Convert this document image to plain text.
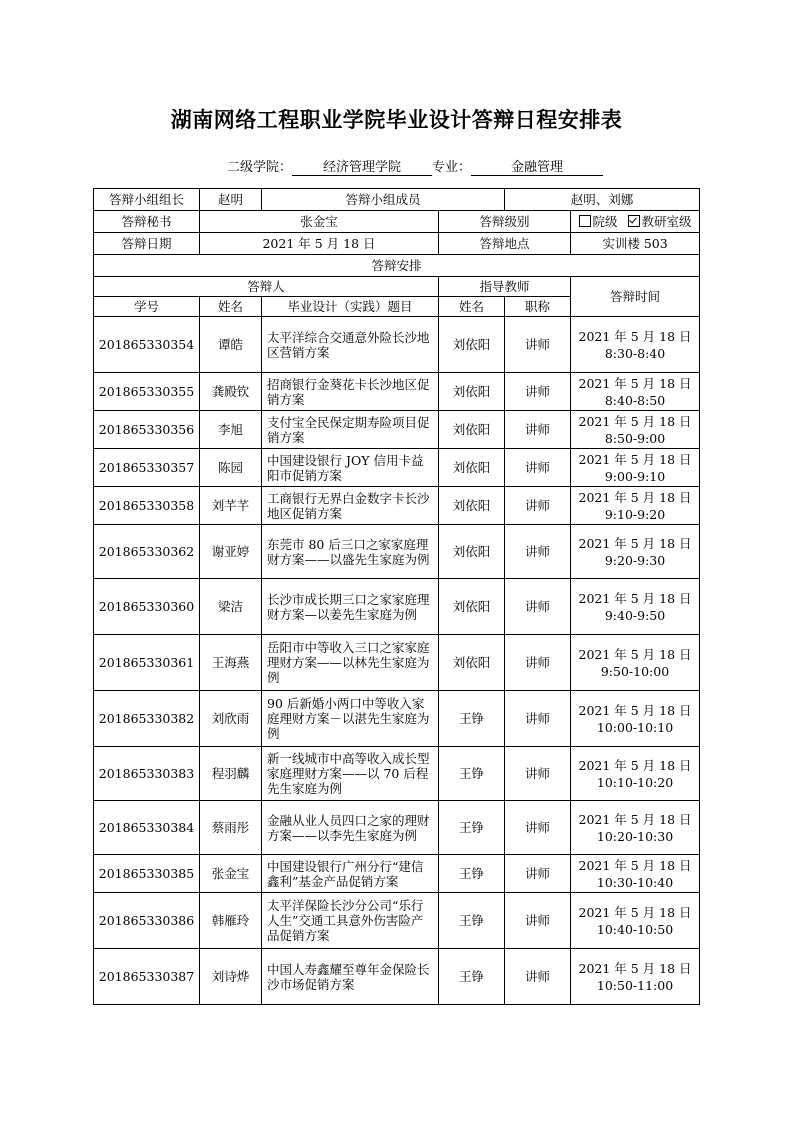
湖南网络工程职业学院毕业设计答辩日程安排表
二级学院： 经济管理学院 专业：	金融管理
答辩小组组长	赵明	答辩小组成员		赵明、刘娜	
答辩秘书	张金宝		答辩级别		院级 教研室级
答辩日期	2021 年 5 月 18 日		答辩地点		实训楼 503
答辩安排					
答辩人			指导教师		答辩时间
学号	姓名	毕业设计（实践）题目	姓名	职称	
201865330354	谭皓	太平洋综合交通意外险长沙地区营销方案	刘依阳	讲师	2021 年 5 月 18 日
8:30-8:40

201865330355	龚殿钦	招商银行金葵花卡长沙地区促销方案	刘依阳	讲师	2021 年 5 月 18 日
8:40-8:50

201865330356	李旭	支付宝全民保定期寿险项目促销方案	刘依阳	讲师	2021 年 5 月 18 日
8:50-9:00

201865330357	陈园	中国建设银行 JOY 信用卡益阳市促销方案	刘依阳	讲师	2021 年 5 月 18 日
9:00-9:10

201865330358	刘芊芊	工商银行无界白金数字卡长沙地区促销方案	刘依阳	讲师	2021 年 5 月 18 日
9:10-9:20

201865330362	谢亚婷	东莞市 80 后三口之家家庭理财方案——以盛先生家庭为例	刘依阳	讲师	2021 年 5 月 18 日
9:20-9:30

201865330360	梁洁	长沙市成长期三口之家家庭理财方案—以姜先生家庭为例	刘依阳	讲师	2021 年 5 月 18 日
9:40-9:50

201865330361	王海燕	岳阳市中等收入三口之家家庭理财方案——以林先生家庭为例	刘依阳	讲师	2021 年 5 月 18 日
9:50-10:00

201865330382	刘欣雨	90 后新婚小两口中等收入家庭理财方案－以湛先生家庭为例	王铮	讲师	2021 年 5 月 18 日
10:00-10:10

201865330383	程羽麟	新一线城市中高等收入成长型家庭理财方案——以 70 后程先生家庭为例	王铮	讲师	2021 年 5 月 18 日
10:10-10:20

201865330384	蔡雨彤	金融从业人员四口之家的理财方案——以李先生家庭为例	王铮	讲师	2021 年 5 月 18 日
10:20-10:30

201865330385	张金宝	中国建设银行广州分行“建信鑫利”基金产品促销方案	王铮	讲师	2021 年 5 月 18 日
10:30-10:40

201865330386	韩雁玲	太平洋保险长沙分公司“乐行人生”交通工具意外伤害险产品促销方案	王铮	讲师	2021 年 5 月 18 日
10:40-10:50

201865330387	刘诗烨	中国人寿鑫耀至尊年金保险长沙市场促销方案	王铮	讲师	2021 年 5 月 18 日
10:50-11:00
